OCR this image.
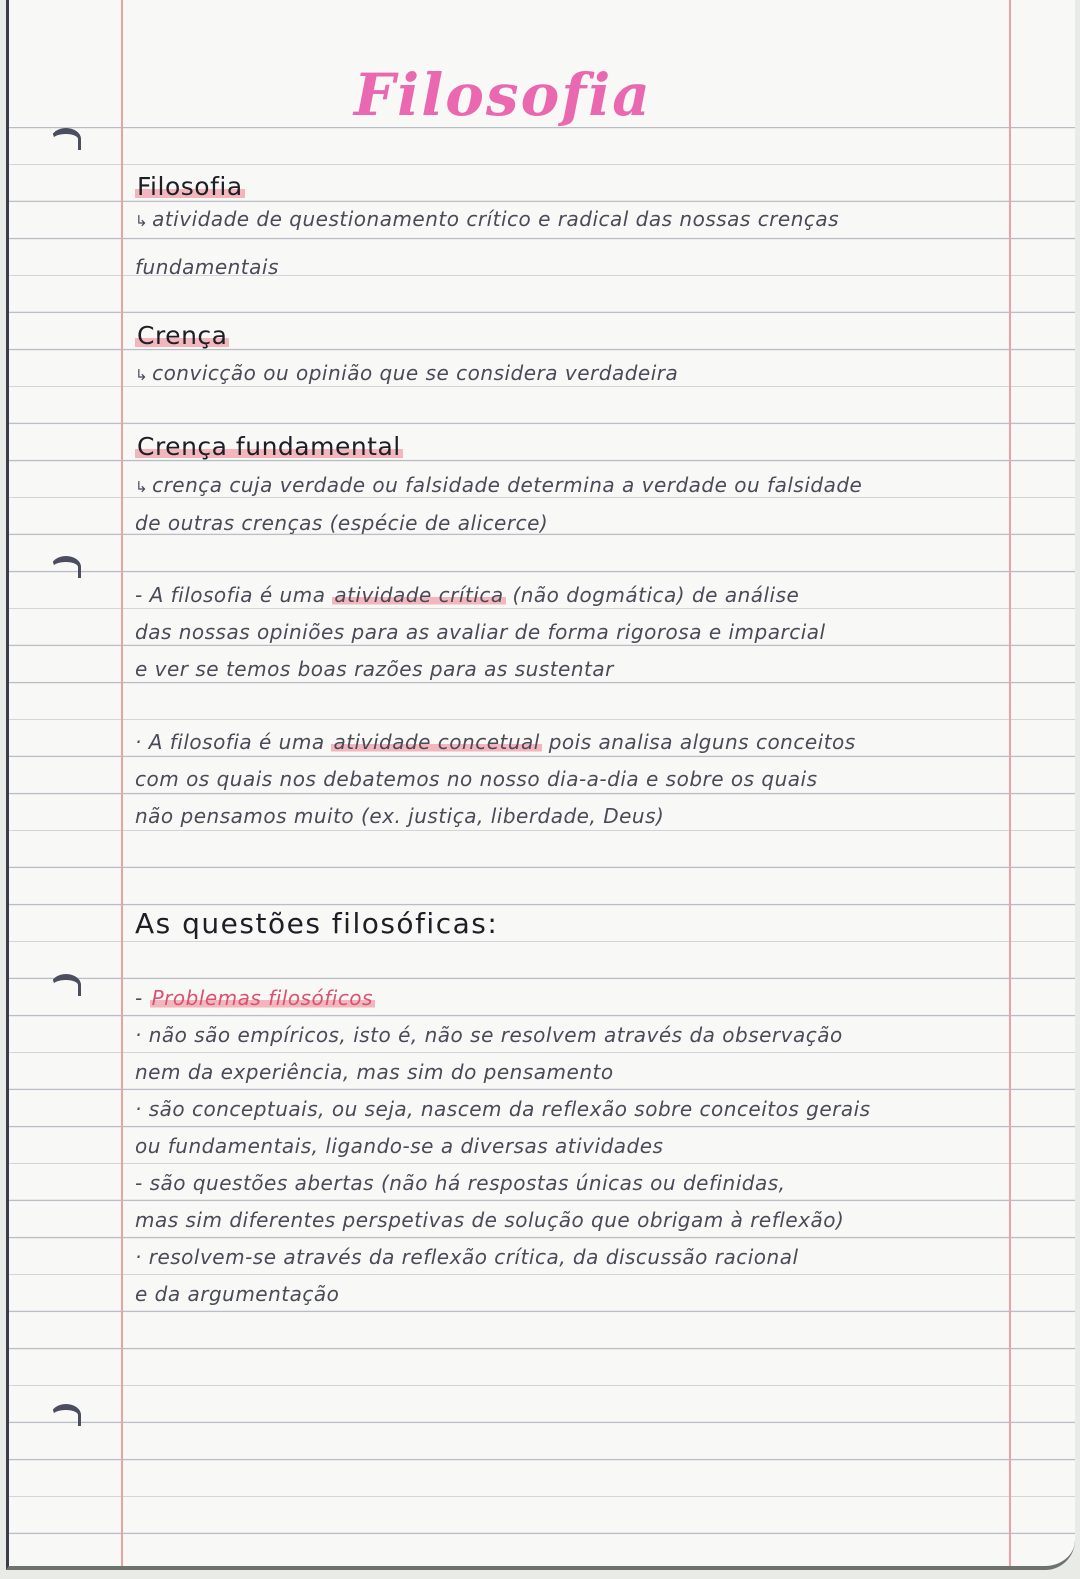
Filosofia
Filosofia
↳ atividade de questionamento crítico e radical das nossas crenças
fundamentais
Crença
↳ convicção ou opinião que se considera verdadeira
Crença fundamental
↳ crença cuja verdade ou falsidade determina a verdade ou falsidade
de outras crenças (espécie de alicerce)
- A filosofia é uma atividade crítica (não dogmática) de análise
das nossas opiniões para as avaliar de forma rigorosa e imparcial
e ver se temos boas razões para as sustentar
· A filosofia é uma atividade concetual pois analisa alguns conceitos
com os quais nos debatemos no nosso dia-a-dia e sobre os quais
não pensamos muito (ex. justiça, liberdade, Deus)
As questões filosóficas:
- Problemas filosóficos
· não são empíricos, isto é, não se resolvem através da observação
nem da experiência, mas sim do pensamento
· são conceptuais, ou seja, nascem da reflexão sobre conceitos gerais
ou fundamentais, ligando-se a diversas atividades
- são questões abertas (não há respostas únicas ou definidas,
mas sim diferentes perspetivas de solução que obrigam à reflexão)
· resolvem-se através da reflexão crítica, da discussão racional
e da argumentação
